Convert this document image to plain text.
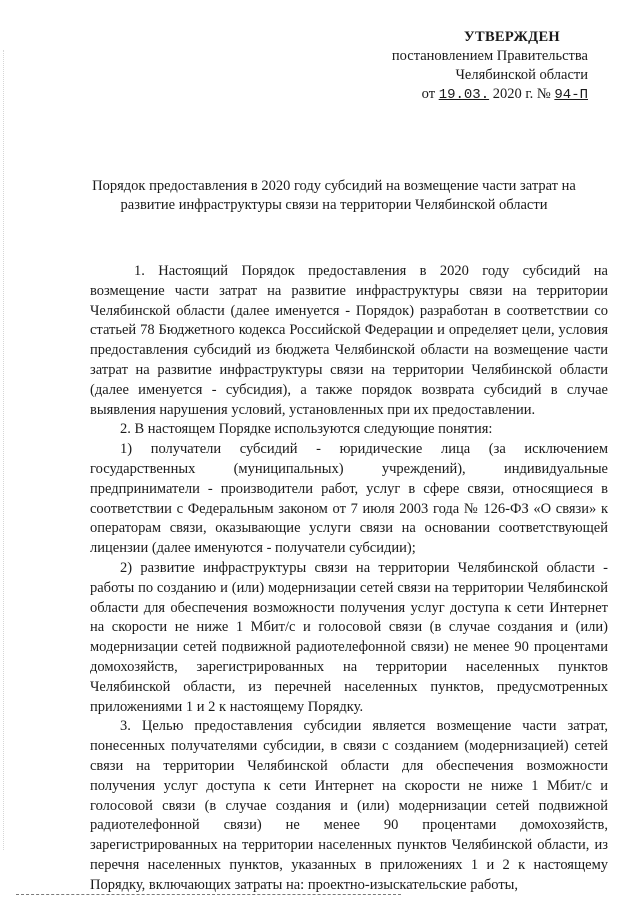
УТВЕРЖДЕН
постановлением Правительства
Челябинской области
от 19.03. 2020 г. № 94-П
Порядок предоставления в 2020 году субсидий на возмещение части затрат на
развитие инфраструктуры связи на территории Челябинской области

1. Настоящий Порядок предоставления в 2020 году субсидий на возмещение части затрат на развитие инфраструктуры связи на территории Челябинской области (далее именуется - Порядок) разработан в соответствии со статьей 78 Бюджетного кодекса Российской Федерации и определяет цели, условия предоставления субсидий из бюджета Челябинской области на возмещение части затрат на развитие инфраструктуры связи на территории Челябинской области (далее именуется - субсидия), а также порядок возврата субсидий в случае выявления нарушения условий, установленных при их предоставлении.

2. В настоящем Порядке используются следующие понятия:

1) получатели субсидий - юридические лица (за исключением государственных (муниципальных) учреждений), индивидуальные предприниматели - производители работ, услуг в сфере связи, относящиеся в соответствии с Федеральным законом от 7 июля 2003 года № 126-ФЗ «О связи» к операторам связи, оказывающие услуги связи на основании соответствующей лицензии (далее именуются - получатели субсидии);

2) развитие инфраструктуры связи на территории Челябинской области - работы по созданию и (или) модернизации сетей связи на территории Челябинской области для обеспечения возможности получения услуг доступа к сети Интернет на скорости не ниже 1 Мбит/с и голосовой связи (в случае создания и (или) модернизации сетей подвижной радиотелефонной связи) не менее 90 процентами домохозяйств, зарегистрированных на территории населенных пунктов Челябинской области, из перечней населенных пунктов, предусмотренных приложениями 1 и 2 к настоящему Порядку.

3. Целью предоставления субсидии является возмещение части затрат, понесенных получателями субсидии, в связи с созданием (модернизацией) сетей связи на территории Челябинской области для обеспечения возможности получения услуг доступа к сети Интернет на скорости не ниже 1 Мбит/с и голосовой связи (в случае создания и (или) модернизации сетей подвижной радиотелефонной связи) не менее 90 процентами домохозяйств, зарегистрированных на территории населенных пунктов Челябинской области, из перечня населенных пунктов, указанных в приложениях 1 и 2 к настоящему Порядку, включающих затраты на: проектно-изыскательские работы,
